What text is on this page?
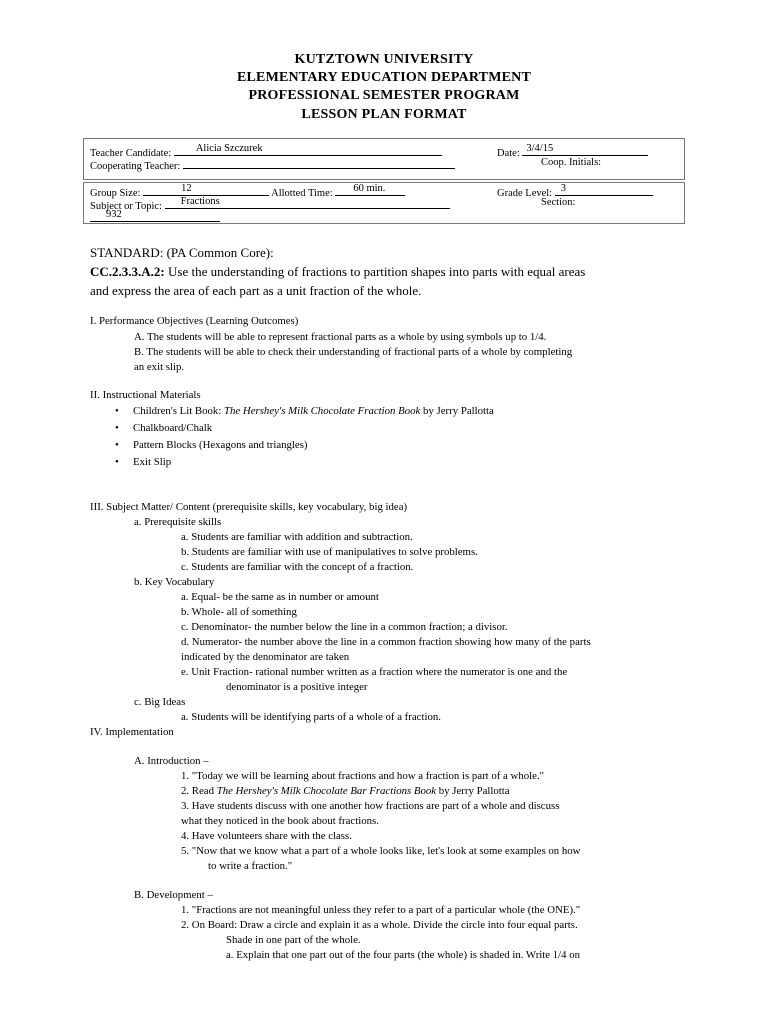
KUTZTOWN UNIVERSITY
ELEMENTARY EDUCATION DEPARTMENT
PROFESSIONAL SEMESTER PROGRAM
LESSON PLAN FORMAT
Teacher Candidate: Alicia Szczurek	Date: 3/4/15
Cooperating Teacher:	Coop. Initials:
Group Size:	12	Allotted Time: 60 min.	Grade Level: 3
Subject or Topic: Fractions	Section:
932
STANDARD: (PA Common Core):
CC.2.3.3.A.2: Use the understanding of fractions to partition shapes into parts with equal areas
and express the area of each part as a unit fraction of the whole.
I. Performance Objectives (Learning Outcomes)
A. The students will be able to represent fractional parts as a whole by using symbols up to 1/4.
B. The students will be able to check their understanding of fractional parts of a whole by completing
an exit slip.
II. Instructional Materials
• Children's Lit Book: The Hershey's Milk Chocolate Fraction Book by Jerry Pallotta
• Chalkboard/Chalk
• Pattern Blocks (Hexagons and triangles)
• Exit Slip
III. Subject Matter/ Content (prerequisite skills, key vocabulary, big idea)
a. Prerequisite skills
a. Students are familiar with addition and subtraction.
b. Students are familiar with use of manipulatives to solve problems.
c. Students are familiar with the concept of a fraction.
b. Key Vocabulary
a. Equal- be the same as in number or amount
b. Whole- all of something
c. Denominator- the number below the line in a common fraction; a divisor.
d. Numerator- the number above the line in a common fraction showing how many of the parts
indicated by the denominator are taken
e. Unit Fraction- rational number written as a fraction where the numerator is one and the
denominator is a positive integer
c. Big Ideas
a. Students will be identifying parts of a whole of a fraction.
IV. Implementation
A. Introduction –
1. "Today we will be learning about fractions and how a fraction is part of a whole."
2. Read The Hershey's Milk Chocolate Bar Fractions Book by Jerry Pallotta
3. Have students discuss with one another how fractions are part of a whole and discuss
what they noticed in the book about fractions.
4. Have volunteers share with the class.
5. "Now that we know what a part of a whole looks like, let's look at some examples on how
to write a fraction."
B. Development –
1. "Fractions are not meaningful unless they refer to a part of a particular whole (the ONE)."
2. On Board: Draw a circle and explain it as a whole. Divide the circle into four equal parts.
Shade in one part of the whole.
a. Explain that one part out of the four parts (the whole) is shaded in. Write 1/4 on
